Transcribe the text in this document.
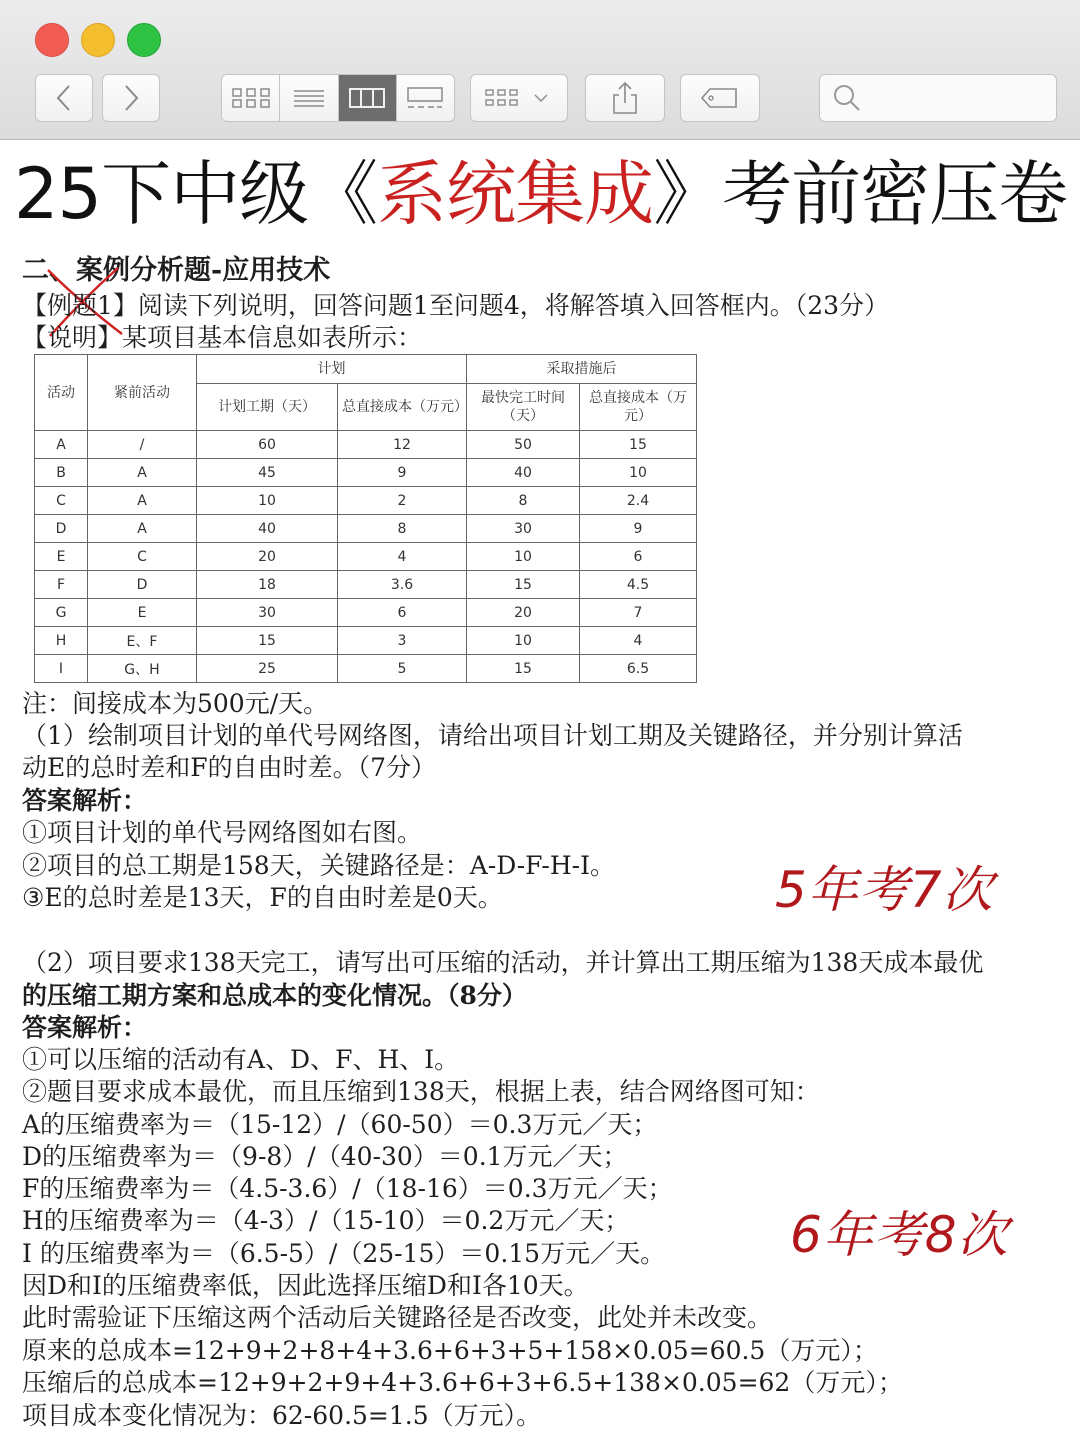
25下中级《系统集成》考前密压卷
二、案例分析题-应用技术
【例题1】阅读下列说明，回答问题1至问题4，将解答填入回答框内。（23分）
【说明】某项目基本信息如表所示：
活动	紧前活动	计划		采取措施后	
		计划工期（天）	总直接成本（万元）	最快完工时间（天）	总直接成本（万元）
A	/	60	12	50	15
B	A	45	9	40	10
C	A	10	2	8	2.4
D	A	40	8	30	9
E	C	20	4	10	6
F	D	18	3.6	15	4.5
G	E	30	6	20	7
H	E、F	15	3	10	4
I	G、H	25	5	15	6.5
注：间接成本为500元/天。
（1）绘制项目计划的单代号网络图，请给出项目计划工期及关键路径，并分别计算活
动E的总时差和F的自由时差。（7分）
答案解析：
①项目计划的单代号网络图如右图。
②项目的总工期是158天，关键路径是：A-D-F-H-I。
③E的总时差是13天，F的自由时差是0天。	5年考7次
（2）项目要求138天完工，请写出可压缩的活动，并计算出工期压缩为138天成本最优
的压缩工期方案和总成本的变化情况。（8分）
答案解析：
①可以压缩的活动有A、D、F、H、I。
②题目要求成本最优，而且压缩到138天，根据上表，结合网络图可知：
A的压缩费率为＝（15-12）/（60-50）＝0.3万元／天；
D的压缩费率为＝（9-8）/（40-30）＝0.1万元／天；
F的压缩费率为＝（4.5-3.6）/（18-16）＝0.3万元／天；
H的压缩费率为＝（4-3）/（15-10）＝0.2万元／天；
I 的压缩费率为＝（6.5-5）/（25-15）＝0.15万元／天。
因D和I的压缩费率低，因此选择压缩D和I各10天。
此时需验证下压缩这两个活动后关键路径是否改变，此处并未改变。
原来的总成本=12+9+2+8+4+3.6+6+3+5+158×0.05=60.5（万元）；
压缩后的总成本=12+9+2+9+4+3.6+6+3+6.5+138×0.05=62（万元）；
项目成本变化情况为：62-60.5=1.5（万元）。
6年考8次
